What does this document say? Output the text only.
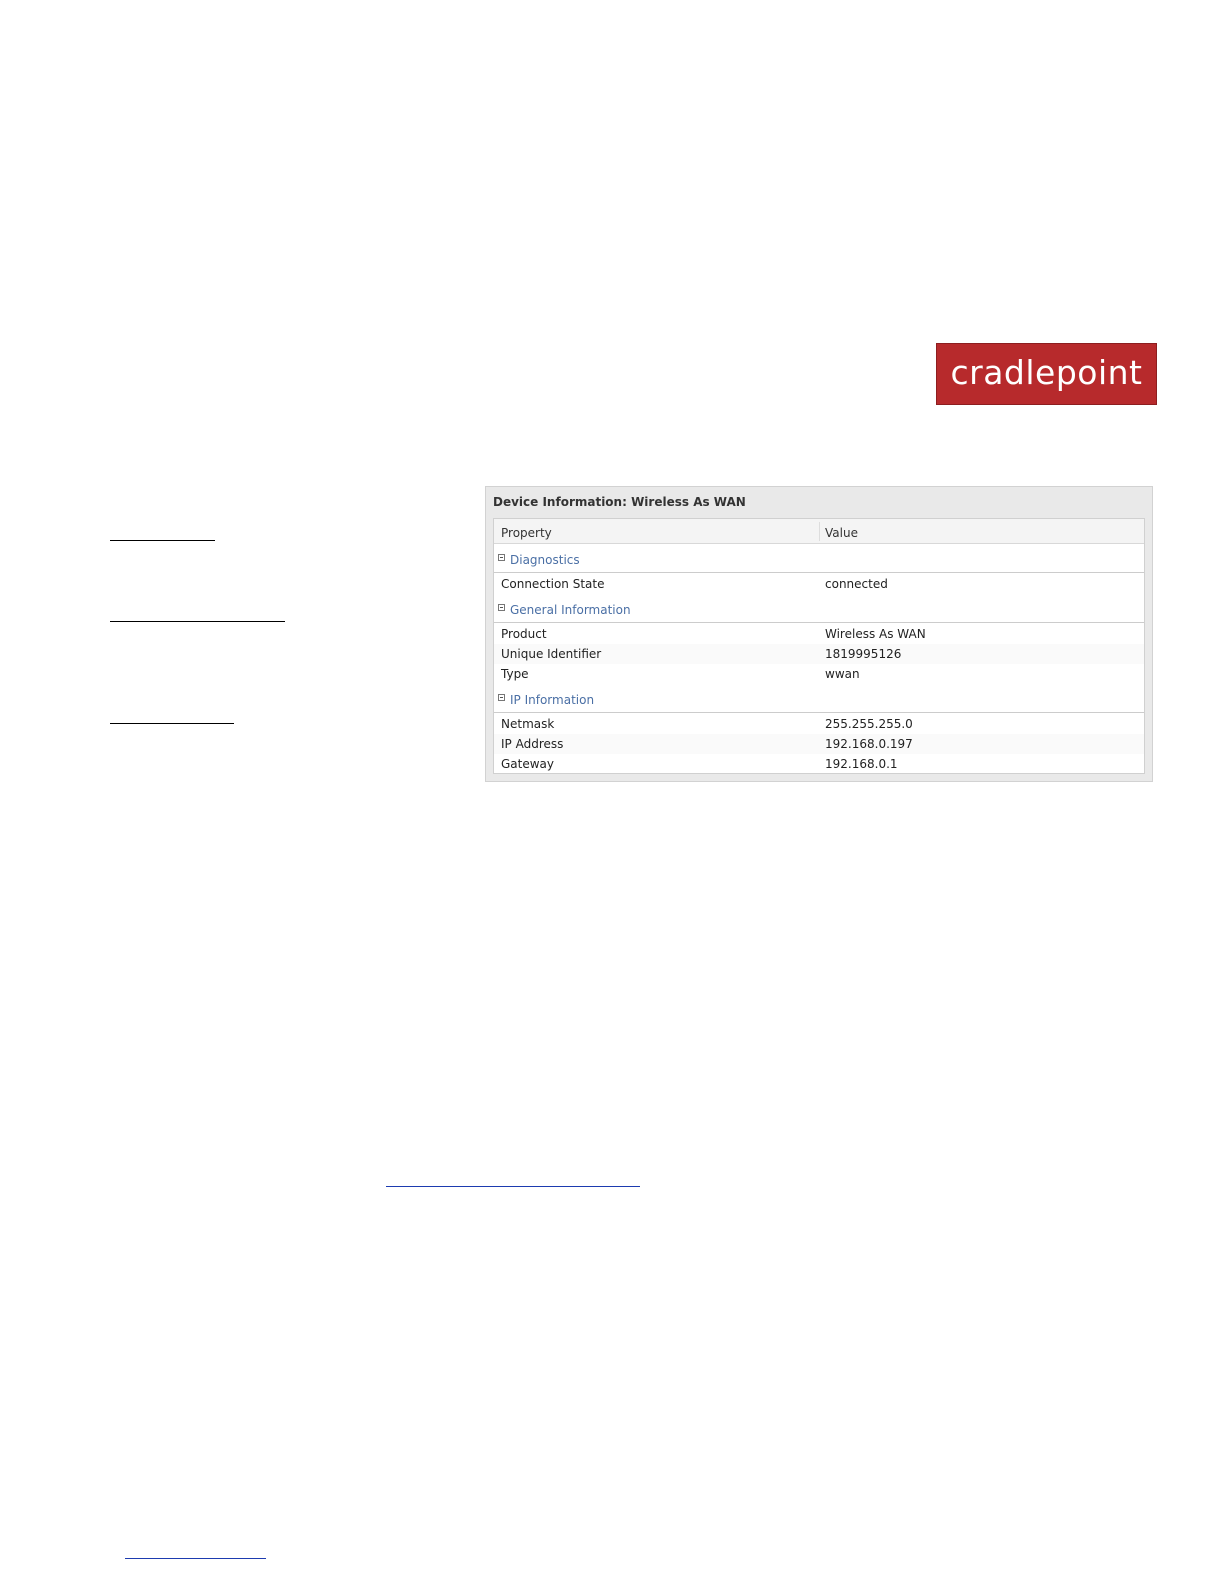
cradlepoint
Device Information: Wireless As WAN
Property	Value
Diagnostics
Connection State	connected
General Information
Product	Wireless As WAN
Unique Identifier	1819995126
Type	wwan
IP Information
Netmask	255.255.255.0
IP Address	192.168.0.197
Gateway	192.168.0.1
